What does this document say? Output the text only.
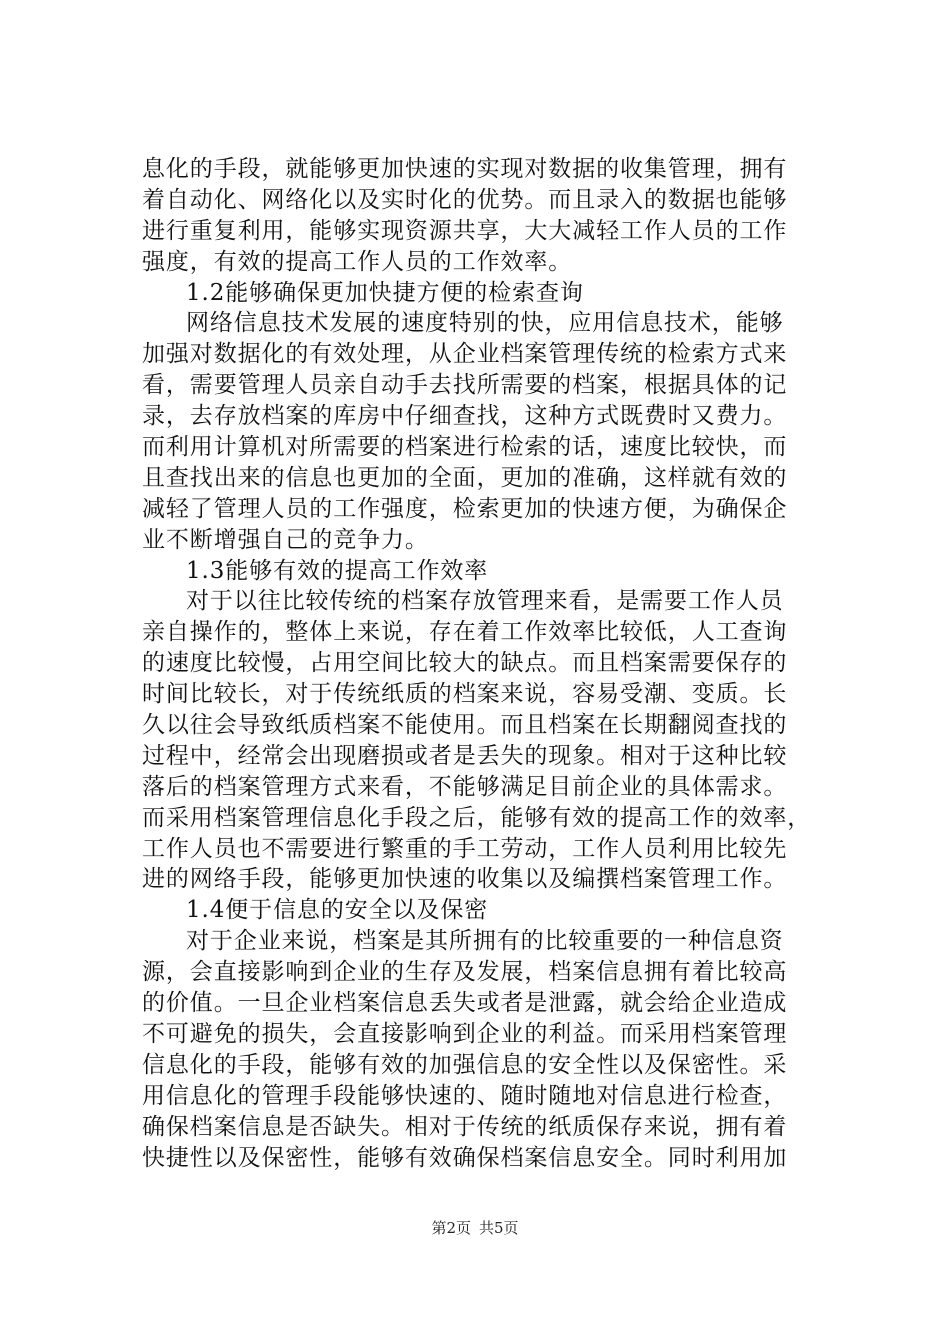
息化的手段，就能够更加快速的实现对数据的收集管理，拥有
着自动化、网络化以及实时化的优势。而且录入的数据也能够
进行重复利用，能够实现资源共享，大大减轻工作人员的工作
强度，有效的提高工作人员的工作效率。
1.2能够确保更加快捷方便的检索查询
网络信息技术发展的速度特别的快，应用信息技术，能够
加强对数据化的有效处理，从企业档案管理传统的检索方式来
看，需要管理人员亲自动手去找所需要的档案，根据具体的记
录，去存放档案的库房中仔细查找，这种方式既费时又费力。
而利用计算机对所需要的档案进行检索的话，速度比较快，而
且查找出来的信息也更加的全面，更加的准确，这样就有效的
减轻了管理人员的工作强度，检索更加的快速方便，为确保企
业不断增强自己的竞争力。
1.3能够有效的提高工作效率
对于以往比较传统的档案存放管理来看，是需要工作人员
亲自操作的，整体上来说，存在着工作效率比较低，人工查询
的速度比较慢，占用空间比较大的缺点。而且档案需要保存的
时间比较长，对于传统纸质的档案来说，容易受潮、变质。长
久以往会导致纸质档案不能使用。而且档案在长期翻阅查找的
过程中，经常会出现磨损或者是丢失的现象。相对于这种比较
落后的档案管理方式来看，不能够满足目前企业的具体需求。
而采用档案管理信息化手段之后，能够有效的提高工作的效率，
工作人员也不需要进行繁重的手工劳动，工作人员利用比较先
进的网络手段，能够更加快速的收集以及编撰档案管理工作。
1.4便于信息的安全以及保密
对于企业来说，档案是其所拥有的比较重要的一种信息资
源，会直接影响到企业的生存及发展，档案信息拥有着比较高
的价值。一旦企业档案信息丢失或者是泄露，就会给企业造成
不可避免的损失，会直接影响到企业的利益。而采用档案管理
信息化的手段，能够有效的加强信息的安全性以及保密性。采
用信息化的管理手段能够快速的、随时随地对信息进行检查，
确保档案信息是否缺失。相对于传统的纸质保存来说，拥有着
快捷性以及保密性，能够有效确保档案信息安全。同时利用加
第2页 共5页
